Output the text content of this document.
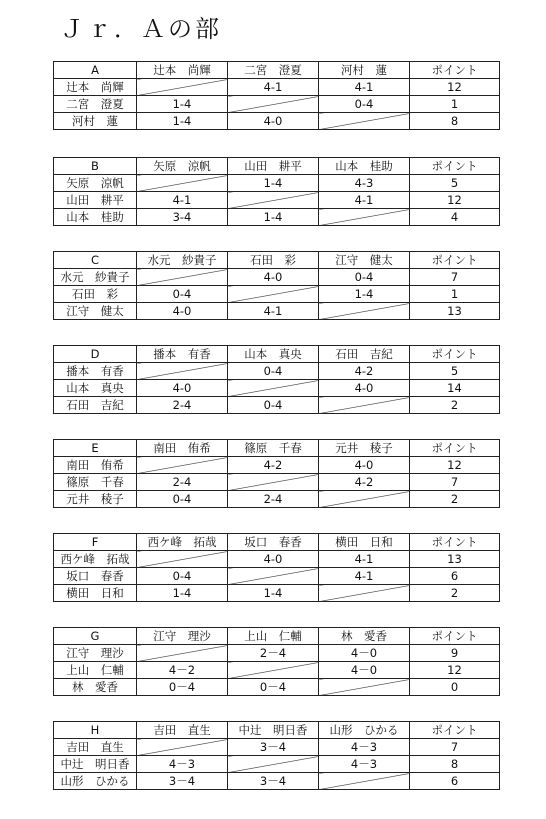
Ｊｒ．Ａの部
A	辻本　尚輝	二宮　澄夏	河村　蓮	ポイント
辻本　尚輝		4-1	4-1	12
二宮　澄夏	1-4		0-4	1
河村　蓮	1-4	4-0		8
B	矢原　涼帆	山田　耕平	山本　桂助	ポイント
矢原　涼帆		1-4	4-3	5
山田　耕平	4-1		4-1	12
山本　桂助	3-4	1-4		4
C	水元　紗貴子	石田　彩	江守　健太	ポイント
水元　紗貴子		4-0	0-4	7
石田　彩	0-4		1-4	1
江守　健太	4-0	4-1		13
D	播本　有香	山本　真央	石田　吉紀	ポイント
播本　有香		0-4	4-2	5
山本　真央	4-0		4-0	14
石田　吉紀	2-4	0-4		2
E	南田　侑希	篠原　千春	元井　稜子	ポイント
南田　侑希		4-2	4-0	12
篠原　千春	2-4		4-2	7
元井　稜子	0-4	2-4		2
F	西ケ峰　拓哉	坂口　春香	横田　日和	ポイント
西ケ峰　拓哉		4-0	4-1	13
坂口　春香	0-4		4-1	6
横田　日和	1-4	1-4		2
G	江守　理沙	上山　仁輔	林　愛香	ポイント
江守　理沙		2－4	4－0	9
上山　仁輔	4－2		4－0	12
林　愛香	0－4	0－4		0
H	吉田　直生	中辻　明日香	山形　ひかる	ポイント
吉田　直生		3－4	4－3	7
中辻　明日香	4－3		4－3	8
山形　ひかる	3－4	3－4		6
